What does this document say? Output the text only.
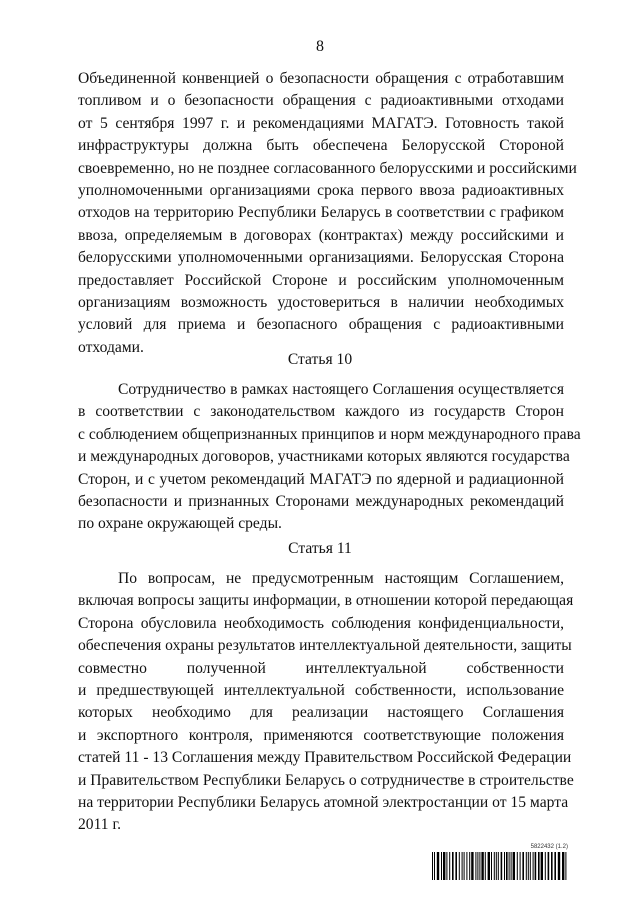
8
Объединенной конвенцией о безопасности обращения с отработавшим
топливом и о безопасности обращения с радиоактивными отходами
от 5 сентября 1997 г. и рекомендациями МАГАТЭ. Готовность такой
инфраструктуры должна быть обеспечена Белорусской Стороной
своевременно, но не позднее согласованного белорусскими и российскими
уполномоченными организациями срока первого ввоза радиоактивных
отходов на территорию Республики Беларусь в соответствии с графиком
ввоза, определяемым в договорах (контрактах) между российскими и
белорусскими уполномоченными организациями. Белорусская Сторона
предоставляет Российской Стороне и российским уполномоченным
организациям возможность удостовериться в наличии необходимых
условий для приема и безопасного обращения с радиоактивными
отходами.
Статья 10
Сотрудничество в рамках настоящего Соглашения осуществляется
в соответствии с законодательством каждого из государств Сторон
с соблюдением общепризнанных принципов и норм международного права
и международных договоров, участниками которых являются государства
Сторон, и с учетом рекомендаций МАГАТЭ по ядерной и радиационной
безопасности и признанных Сторонами международных рекомендаций
по охране окружающей среды.
Статья 11
По вопросам, не предусмотренным настоящим Соглашением,
включая вопросы защиты информации, в отношении которой передающая
Сторона обусловила необходимость соблюдения конфиденциальности,
обеспечения охраны результатов интеллектуальной деятельности, защиты
совместно полученной интеллектуальной собственности
и предшествующей интеллектуальной собственности, использование
которых необходимо для реализации настоящего Соглашения
и экспортного контроля, применяются соответствующие положения
статей 11 - 13 Соглашения между Правительством Российской Федерации
и Правительством Республики Беларусь о сотрудничестве в строительстве
на территории Республики Беларусь атомной электростанции от 15 марта
2011 г.
5822432 (1.2)
